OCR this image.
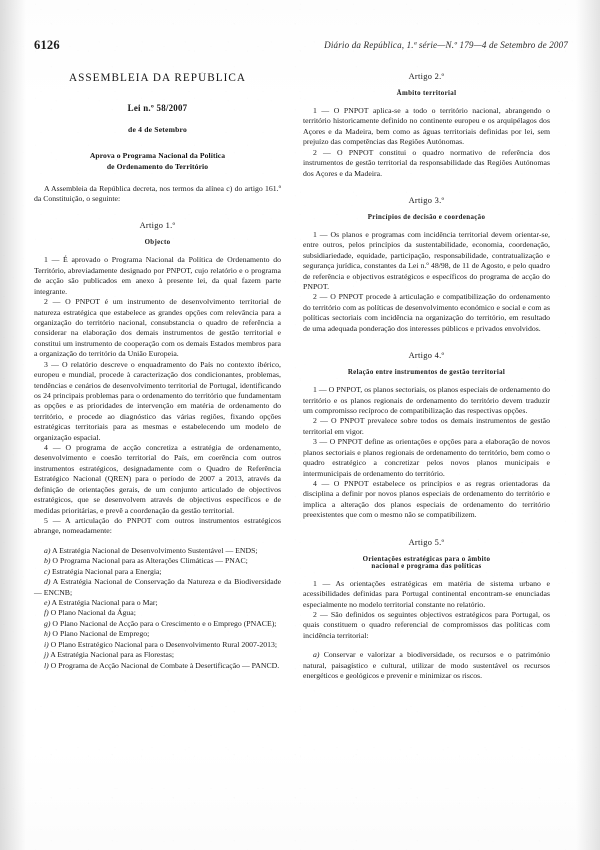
6126	Diário da República, 1.ª série—N.º 179—4 de Setembro de 2007
ASSEMBLEIA DA REPÚBLICA
Lei n.º 58/2007
de 4 de Setembro
Aprova o Programa Nacional da Política
de Ordenamento do Território

A Assembleia da República decreta, nos termos da alínea c) do artigo 161.º da Constituição, o seguinte:

Artigo 1.º
Objecto

1 — É aprovado o Programa Nacional da Política de Ordenamento do Território, abreviadamente designado por PNPOT, cujo relatório e o programa de acção são publicados em anexo à presente lei, da qual fazem parte integrante.

2 — O PNPOT é um instrumento de desenvolvimento territorial de natureza estratégica que estabelece as grandes opções com relevância para a organização do território nacional, consubstancia o quadro de referência a considerar na elaboração dos demais instrumentos de gestão territorial e constitui um instrumento de cooperação com os demais Estados membros para a organização do território da União Europeia.

3 — O relatório descreve o enquadramento do País no contexto ibérico, europeu e mundial, procede à caracterização dos condicionantes, problemas, tendências e cenários de desenvolvimento territorial de Portugal, identificando os 24 principais problemas para o ordenamento do território que fundamentam as opções e as prioridades de intervenção em matéria de ordenamento do território, e procede ao diagnóstico das várias regiões, fixando opções estratégicas territoriais para as mesmas e estabelecendo um modelo de organização espacial.

4 — O programa de acção concretiza a estratégia de ordenamento, desenvolvimento e coesão territorial do País, em coerência com outros instrumentos estratégicos, designadamente com o Quadro de Referência Estratégico Nacional (QREN) para o período de 2007 a 2013, através da definição de orientações gerais, de um conjunto articulado de objectivos estratégicos, que se desenvolvem através de objectivos específicos e de medidas prioritárias, e prevê a coordenação da gestão territorial.

5 — A articulação do PNPOT com outros instrumentos estratégicos abrange, nomeadamente:

a) A Estratégia Nacional de Desenvolvimento Sustentável — ENDS;
b) O Programa Nacional para as Alterações Climáticas — PNAC;
c) Estratégia Nacional para a Energia;
d) A Estratégia Nacional de Conservação da Natureza e da Biodiversidade — ENCNB;
e) A Estratégia Nacional para o Mar;
f) O Plano Nacional da Água;
g) O Plano Nacional de Acção para o Crescimento e o Emprego (PNACE);
h) O Plano Nacional de Emprego;
i) O Plano Estratégico Nacional para o Desenvolvimento Rural 2007-2013;
j) A Estratégia Nacional para as Florestas;
l) O Programa de Acção Nacional de Combate à Desertificação — PANCD.
Artigo 2.º
Âmbito territorial

1 — O PNPOT aplica-se a todo o território nacional, abrangendo o território historicamente definido no continente europeu e os arquipélagos dos Açores e da Madeira, bem como as águas territoriais definidas por lei, sem prejuízo das competências das Regiões Autónomas.

2 — O PNPOT constitui o quadro normativo de referência dos instrumentos de gestão territorial da responsabilidade das Regiões Autónomas dos Açores e da Madeira.

Artigo 3.º
Princípios de decisão e coordenação

1 — Os planos e programas com incidência territorial devem orientar-se, entre outros, pelos princípios da sustentabilidade, economia, coordenação, subsidiariedade, equidade, participação, responsabilidade, contratualização e segurança jurídica, constantes da Lei n.º 48/98, de 11 de Agosto, e pelo quadro de referência e objectivos estratégicos e específicos do programa de acção do PNPOT.

2 — O PNPOT procede à articulação e compatibilização do ordenamento do território com as políticas de desenvolvimento económico e social e com as políticas sectoriais com incidência na organização do território, em resultado de uma adequada ponderação dos interesses públicos e privados envolvidos.

Artigo 4.º
Relação entre instrumentos de gestão territorial

1 — O PNPOT, os planos sectoriais, os planos especiais de ordenamento do território e os planos regionais de ordenamento do território devem traduzir um compromisso recíproco de compatibilização das respectivas opções.

2 — O PNPOT prevalece sobre todos os demais instrumentos de gestão territorial em vigor.

3 — O PNPOT define as orientações e opções para a elaboração de novos planos sectoriais e planos regionais de ordenamento do território, bem como o quadro estratégico a concretizar pelos novos planos municipais e intermunicipais de ordenamento do território.

4 — O PNPOT estabelece os princípios e as regras orientadoras da disciplina a definir por novos planos especiais de ordenamento do território e implica a alteração dos planos especiais de ordenamento do território preexistentes que com o mesmo não se compatibilizem.

Artigo 5.º
Orientações estratégicas para o âmbito
nacional e programa das políticas

1 — As orientações estratégicas em matéria de sistema urbano e acessibilidades definidas para Portugal continental encontram-se enunciadas especialmente no modelo territorial constante no relatório.

2 — São definidos os seguintes objectivos estratégicos para Portugal, os quais constituem o quadro referencial de compromissos das políticas com incidência territorial:

a) Conservar e valorizar a biodiversidade, os recursos e o património natural, paisagístico e cultural, utilizar de modo sustentável os recursos energéticos e geológicos e prevenir e minimizar os riscos.
